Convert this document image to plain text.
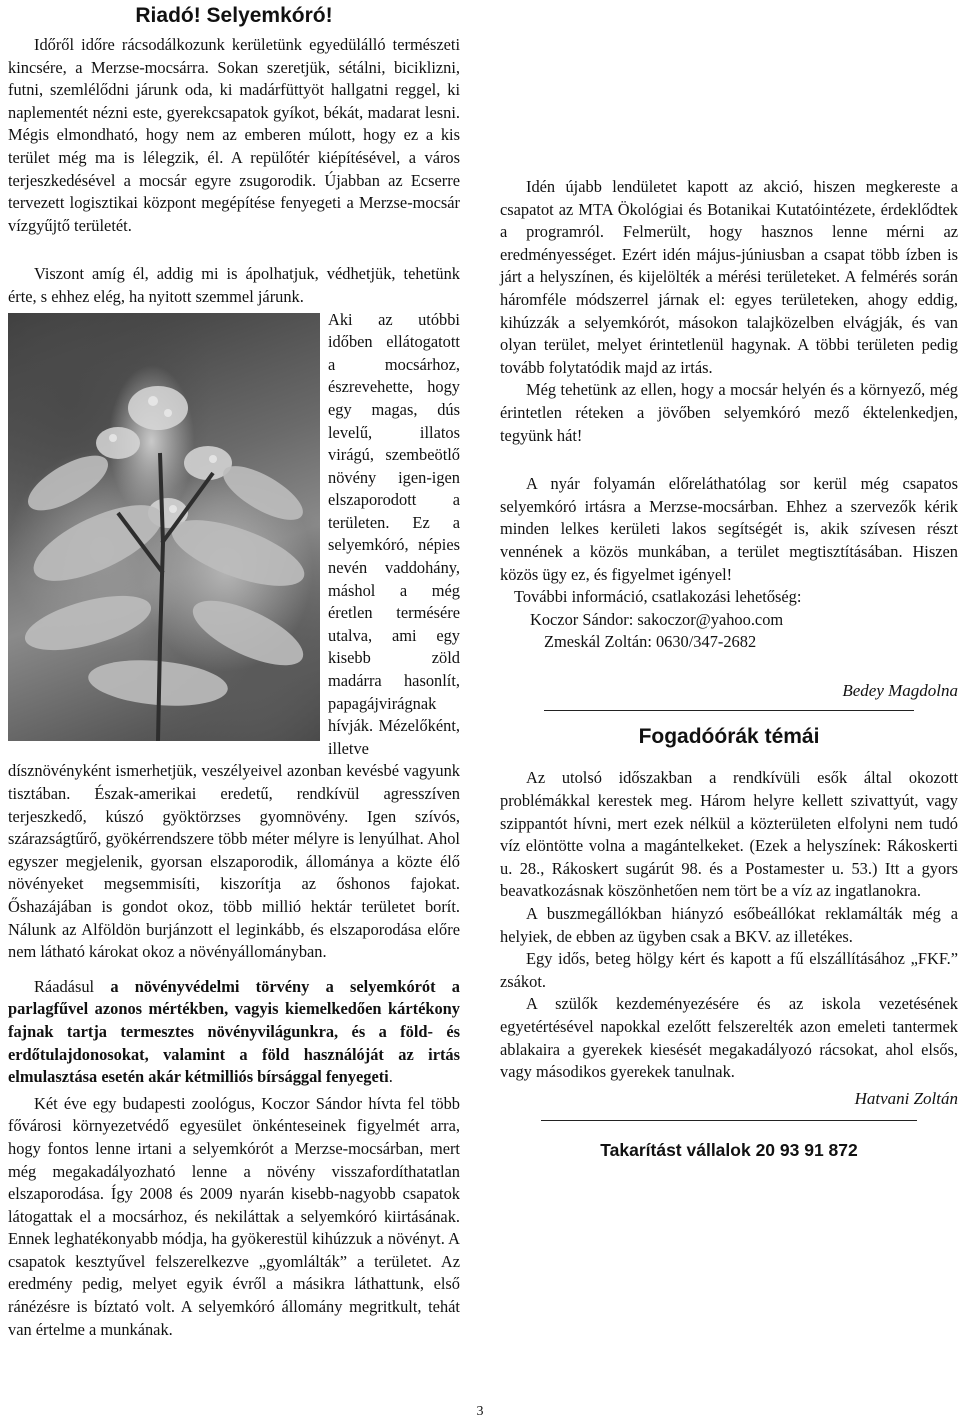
Riadó! Selyemkóró!

Időről időre rácsodálkozunk kerületünk egyedülálló természeti kincsére, a Merzse-mocsárra. Sokan szeretjük, sétálni, biciklizni, futni, szemlélődni járunk oda, ki madárfüttyöt hallgatni reggel, ki naplementét nézni este, gyerekcsapatok gyíkot, békát, madarat lesni. Mégis elmondható, hogy nem az emberen múlott, hogy ez a kis terület még ma is lélegzik, él. A repülőtér kiépítésével, a város terjeszkedésével a mocsár egyre zsugorodik. Újabban az Ecserre tervezett logisztikai központ megépítése fenyegeti a Merzse-mocsár vízgyűjtő területét.

Viszont amíg él, addig mi is ápolhatjuk, védhetjük, tehetünk érte, s ehhez elég, ha nyitott szemmel járunk.

Aki az utóbbi időben ellátogatott a mocsárhoz, észrevehette, hogy egy magas, dús levelű, illatos virágú, szembeötlő növény igen-igen elszaporodott a területen. Ez a selyemkóró, népies nevén vaddohány, máshol a még éretlen termésére utalva, ami egy kisebb zöld madárra hasonlít, papagájvirágnak hívják. Mézelőként, illetve dísznövényként ismerhetjük, veszélyeivel azonban kevésbé vagyunk tisztában. Észak-amerikai eredetű, rendkívül agresszíven terjeszkedő, kúszó gyöktörzses gyomnövény. Igen szívós, szárazságtűrő, gyökérrendszere több méter mélyre is lenyúlhat. Ahol egyszer megjelenik, gyorsan elszaporodik, állománya a közte élő növényeket megsemmisíti, kiszorítja az őshonos fajokat. Őshazájában is gondot okoz, több millió hektár területet borít. Nálunk az Alföldön burjánzott el leginkább, és elszaporodása előre nem látható károkat okoz a növényállományban.

Ráadásul a növényvédelmi törvény a selyemkórót a parlagfűvel azonos mértékben, vagyis kiemelkedően kártékony fajnak tartja termesztes növényvilágunkra, és a föld- és erdőtulajdonosokat, valamint a föld használóját az irtás elmulasztása esetén akár kétmilliós bírsággal fenyegeti.

Két éve egy budapesti zoológus, Koczor Sándor hívta fel több fővárosi környezetvédő egyesület önkénteseinek figyelmét arra, hogy fontos lenne irtani a selyemkórót a Merzse-mocsárban, mert még megakadályozható lenne a növény visszafordíthatatlan elszaporodása. Így 2008 és 2009 nyarán kisebb-nagyobb csapatok látogattak el a mocsárhoz, és nekiláttak a selyemkóró kiirtásának. Ennek leghatékonyabb módja, ha gyökerestül kihúzzuk a növényt. A csapatok kesztyűvel felszerelkezve „gyomlálták” a területet. Az eredmény pedig, melyet egyik évről a másikra láthattunk, első ránézésre is bíztató volt. A selyemkóró állomány megritkult, tehát van értelme a munkának.

Idén újabb lendületet kapott az akció, hiszen megkereste a csapatot az MTA Ökológiai és Botanikai Kutatóintézete, érdeklődtek a programról. Felmerült, hogy hasznos lenne mérni az eredményességet. Ezért idén május-júniusban a csapat több ízben is járt a helyszínen, és kijelölték a mérési területeket. A felmérés során háromféle módszerrel járnak el: egyes területeken, ahogy eddig, kihúzzák a selyemkórót, másokon talajközelben elvágják, és van olyan terület, melyet érintetlenül hagynak. A többi területen pedig tovább folytatódik majd az irtás.

Még tehetünk az ellen, hogy a mocsár helyén és a környező, még érintetlen réteken a jövőben selyemkóró mező éktelenkedjen, tegyünk hát!

A nyár folyamán előreláthatólag sor kerül még csapatos selyemkóró irtásra a Merzse-mocsárban. Ehhez a szervezők kérik minden lelkes kerületi lakos segítségét is, akik szívesen részt vennének a közös munkában, a terület megtisztításában. Hiszen közös ügy ez, és figyelmet igényel!

További információ, csatlakozási lehetőség:

Koczor Sándor: sakoczor@yahoo.com

Zmeskál Zoltán: 0630/347-2682

Bedey Magdolna

Fogadóórák témái

Az utolsó időszakban a rendkívüli esők által okozott problémákkal kerestek meg. Három helyre kellett szivattyút, vagy szippantót hívni, mert ezek nélkül a közterületen elfolyni nem tudó víz elöntötte volna a magántelkeket. (Ezek a helyszínek: Rákoskerti u. 28., Rákoskert sugárút 98. és a Postamester u. 53.) Itt a gyors beavatkozásnak köszönhetően nem tört be a víz az ingatlanokra.

A buszmegállókban hiányzó esőbeállókat reklamálták még a helyiek, de ebben az ügyben csak a BKV. az illetékes.

Egy idős, beteg hölgy kért és kapott a fű elszállításához „FKF.” zsákot.

A szülők kezdeményezésére és az iskola vezetésének egyetértésével napokkal ezelőtt felszerelték azon emeleti tantermek ablakaira a gyerekek kiesését megakadályozó rácsokat, ahol elsős, vagy másodikos gyerekek tanulnak.

Hatvani Zoltán

Takarítást vállalok 20 93 91 872

3
